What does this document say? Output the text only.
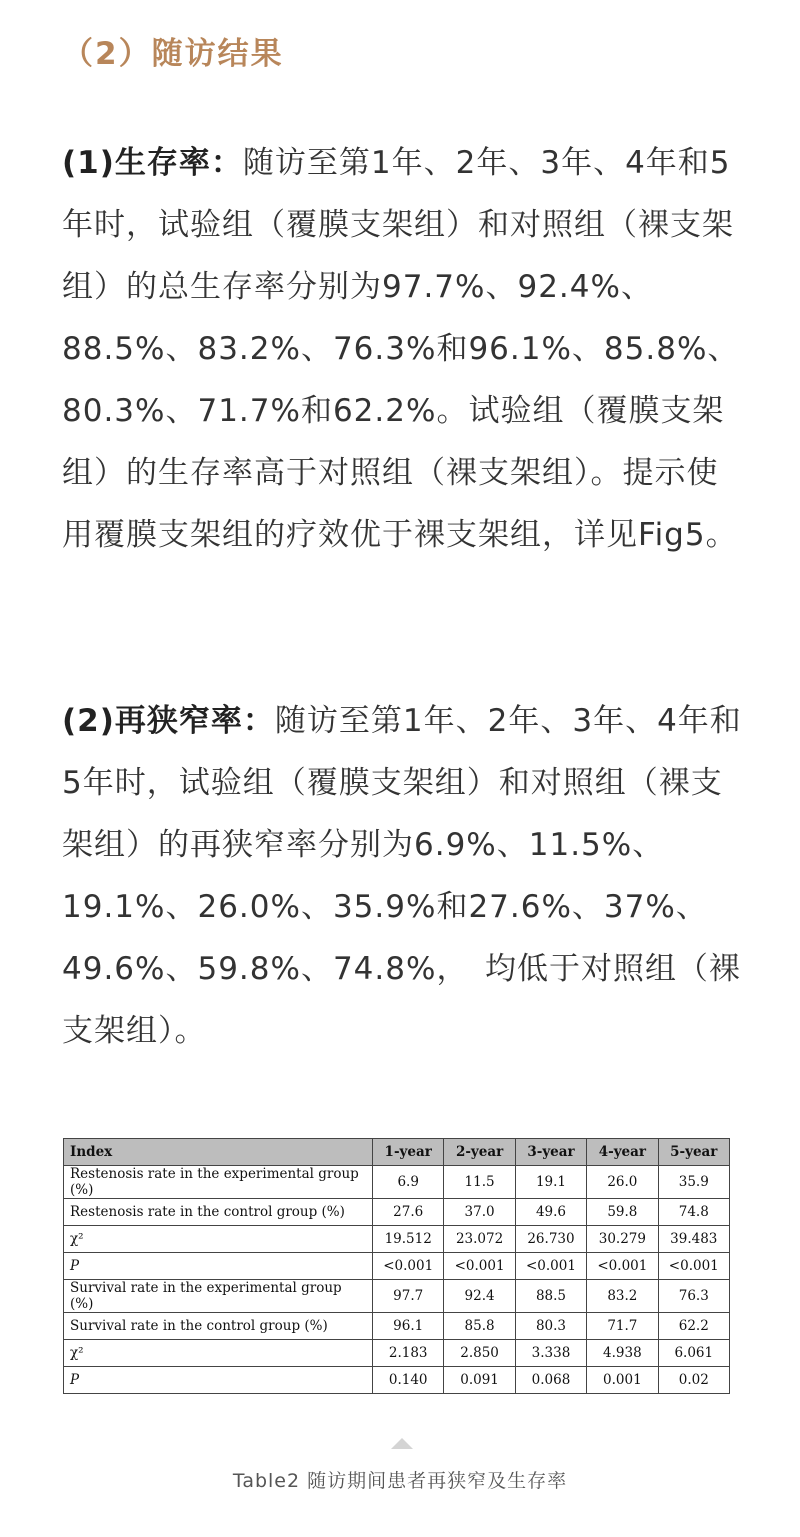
（2）随访结果
(1)生存率：随访至第1年、2年、3年、4年和5年时，试验组（覆膜支架组）和对照组（裸支架组）的总生存率分别为97.7%、92.4%、88.5%、83.2%、76.3%和96.1%、85.8%、80.3%、71.7%和62.2%。试验组（覆膜支架组）的生存率高于对照组（裸支架组）。提示使用覆膜支架组的疗效优于裸支架组，详见Fig5。
(2)再狭窄率：随访至第1年、2年、3年、4年和5年时，试验组（覆膜支架组）和对照组（裸支架组）的再狭窄率分别为6.9%、11.5%、19.1%、26.0%、35.9%和27.6%、37%、49.6%、59.8%、74.8%，　均低于对照组（裸支架组）。
Index	1-year	2-year	3-year	4-year	5-year
Restenosis rate in the experimental group (%)	6.9	11.5	19.1	26.0	35.9
Restenosis rate in the control group (%)	27.6	37.0	49.6	59.8	74.8
χ²	19.512	23.072	26.730	30.279	39.483
P	<0.001	<0.001	<0.001	<0.001	<0.001
Survival rate in the experimental group (%)	97.7	92.4	88.5	83.2	76.3
Survival rate in the control group (%)	96.1	85.8	80.3	71.7	62.2
χ²	2.183	2.850	3.338	4.938	6.061
P	0.140	0.091	0.068	0.001	0.02
Table2 随访期间患者再狭窄及生存率
